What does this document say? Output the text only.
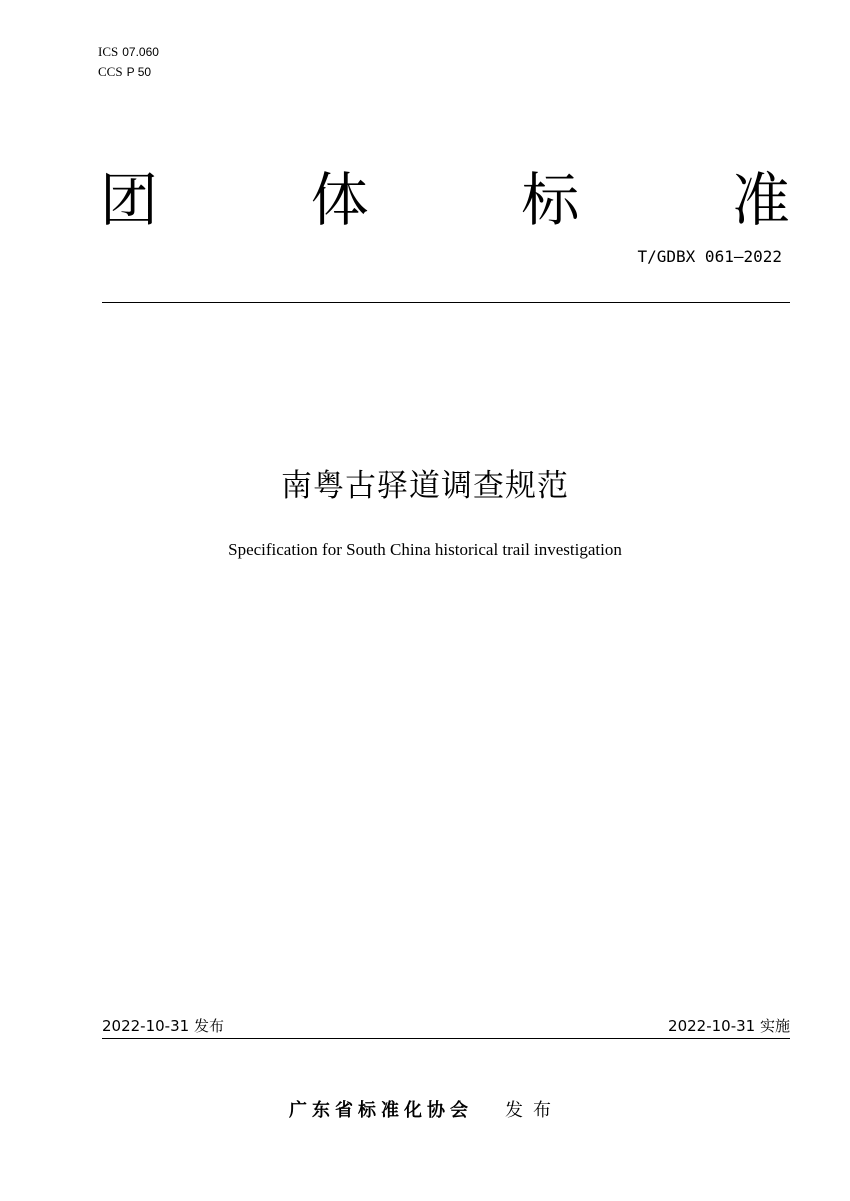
ICS 07.060
CCS P 50
团	体	标	准
T/GDBX 061—2022
南粤古驿道调查规范
Specification for South China historical trail investigation
2022-10-31 发布	2022-10-31 实施
广东省标准化协会 发布
